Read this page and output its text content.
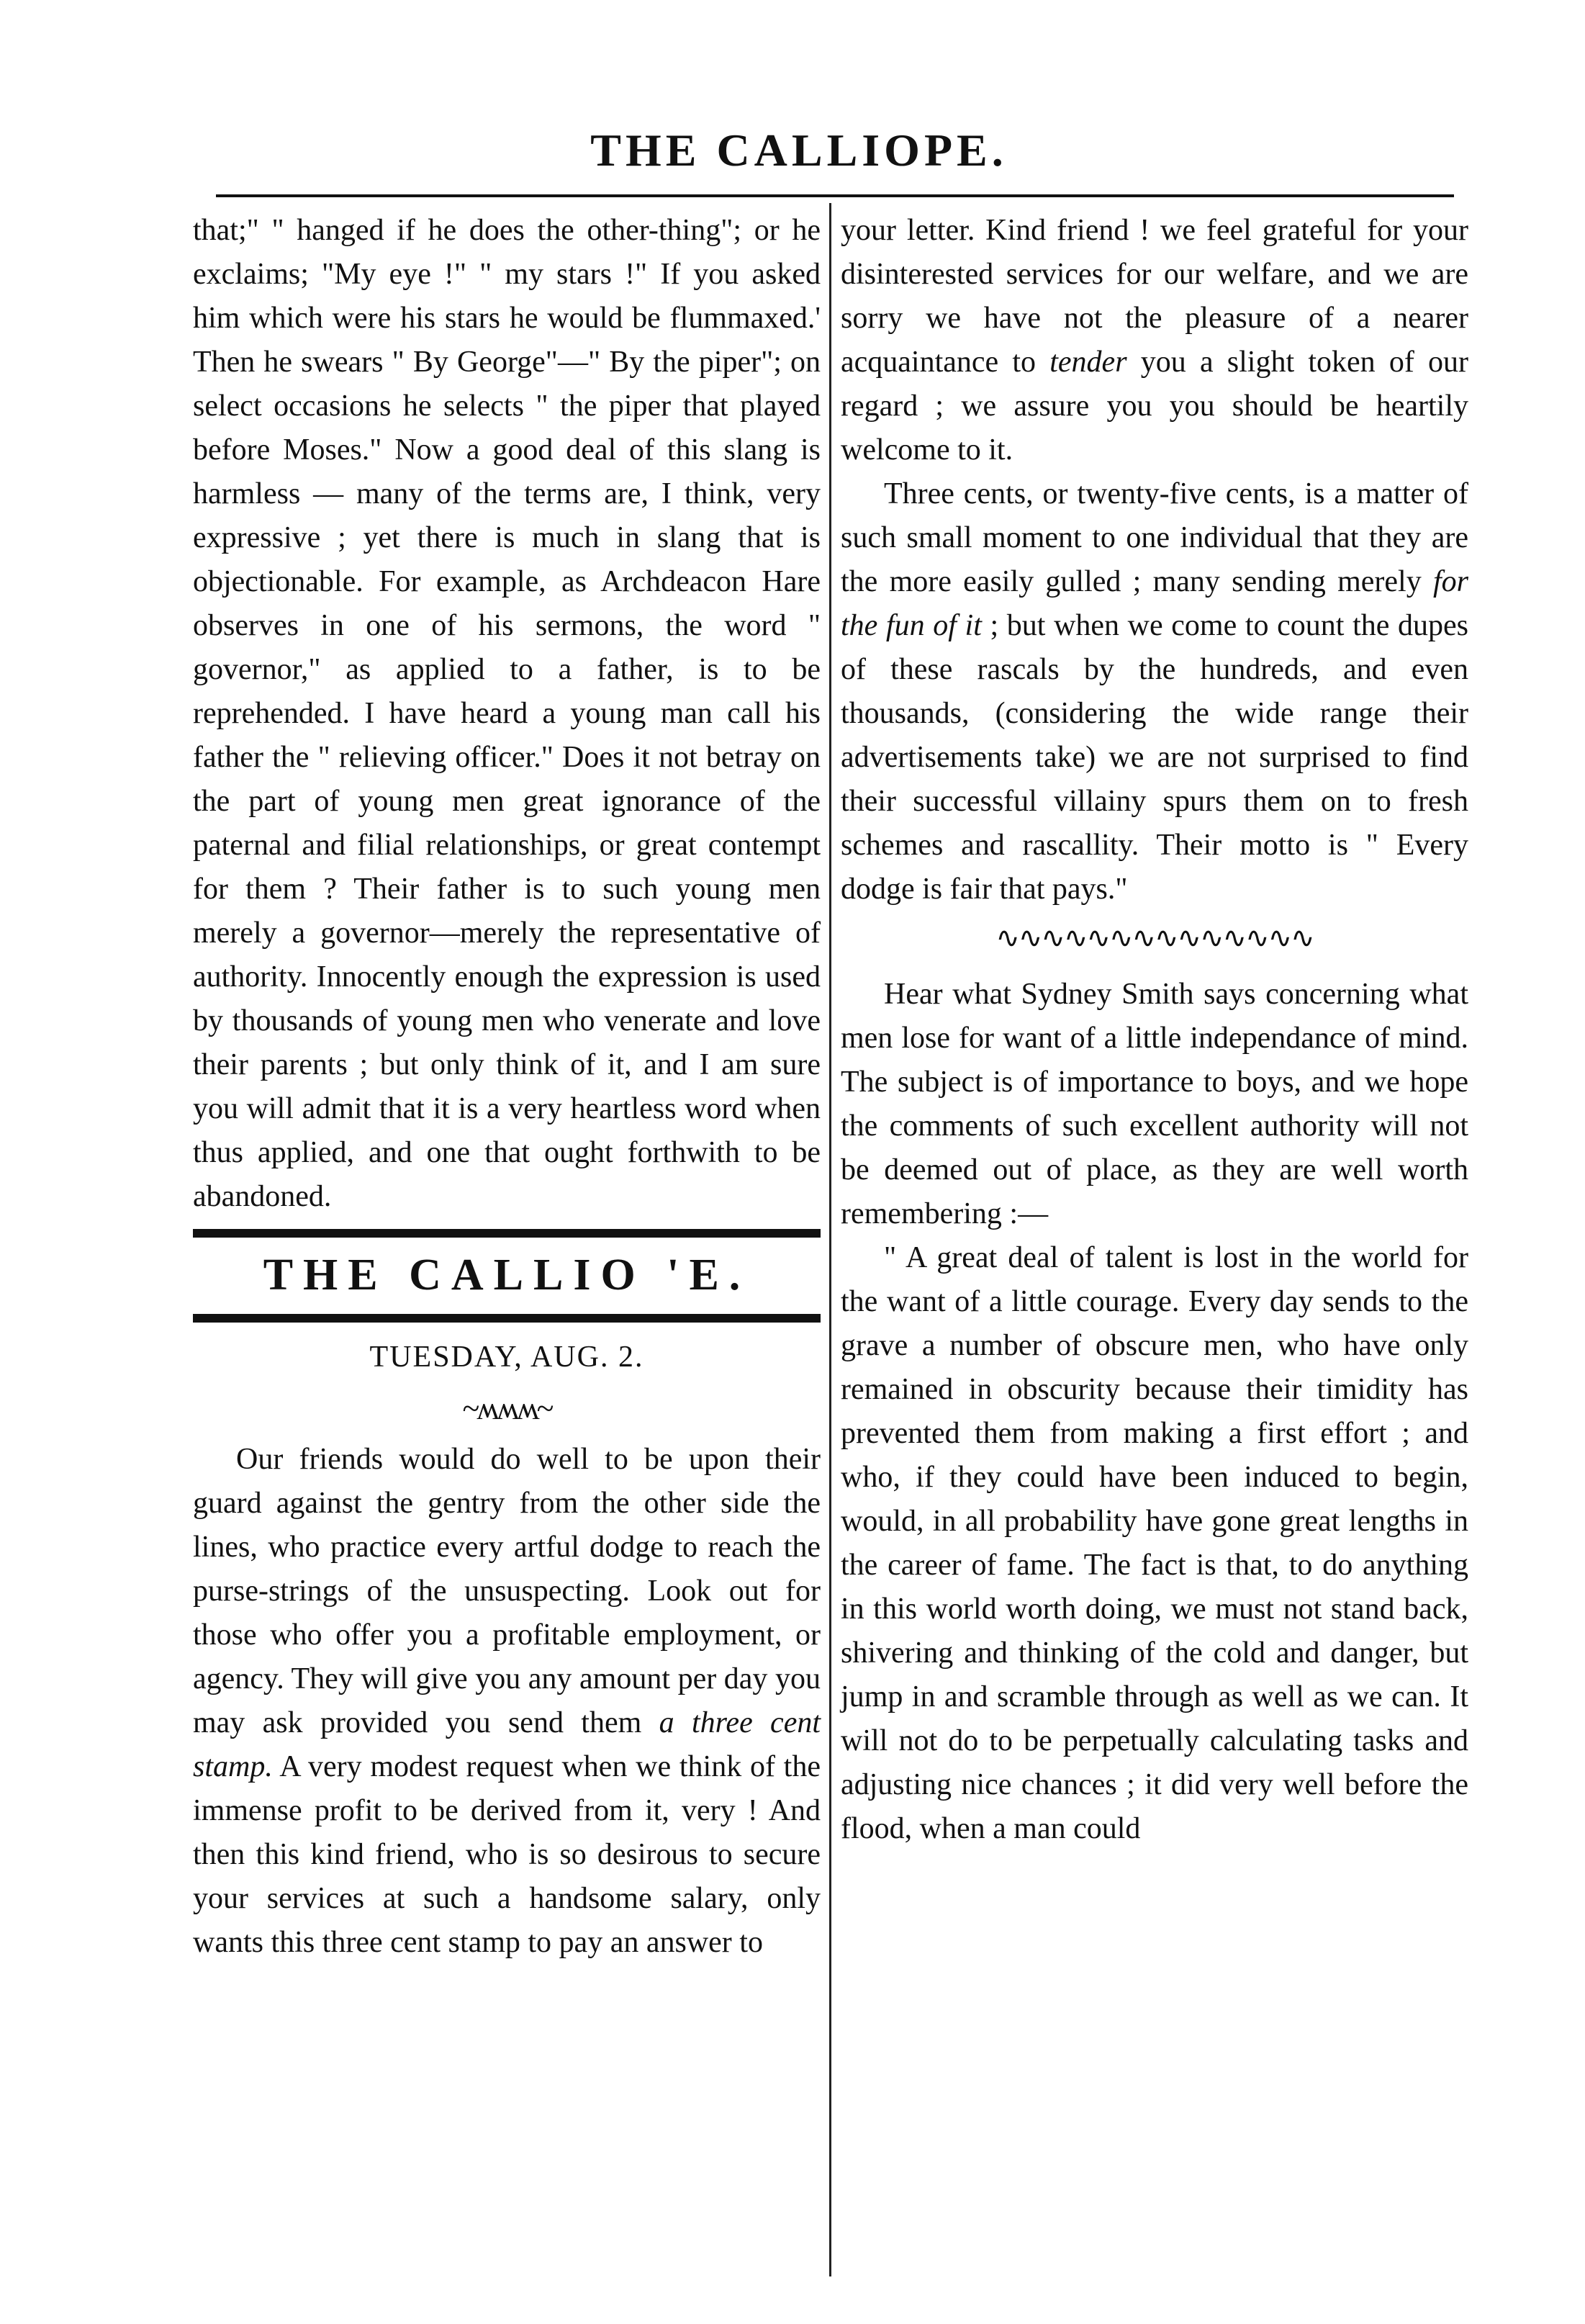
THE CALLIOPE.

that;" " hanged if he does the other-thing"; or he exclaims; "My eye !" " my stars !" If you asked him which were his stars he would be flummaxed.' Then he swears " By George"—" By the piper"; on select occasions he selects " the piper that played before Moses." Now a good deal of this slang is harmless — many of the terms are, I think, very expressive ; yet there is much in slang that is objectionable. For example, as Archdeacon Hare observes in one of his sermons, the word " governor," as applied to a father, is to be reprehended. I have heard a young man call his father the " relieving officer." Does it not betray on the part of young men great ignorance of the paternal and filial relationships, or great contempt for them ? Their father is to such young men merely a governor—merely the representative of authority. Innocently enough the expression is used by thousands of young men who venerate and love their parents ; but only think of it, and I am sure you will admit that it is a very heartless word when thus applied, and one that ought forthwith to be abandoned.

THE CALLIO 'E.
TUESDAY, AUG. 2.
~ʍʍʍ~

Our friends would do well to be upon their guard against the gentry from the other side the lines, who practice every artful dodge to reach the purse-strings of the unsuspecting. Look out for those who offer you a profitable employment, or agency. They will give you any amount per day you may ask provided you send them a three cent stamp. A very modest request when we think of the immense profit to be derived from it, very ! And then this kind friend, who is so desirous to secure your services at such a handsome salary, only wants this three cent stamp to pay an answer to

your letter. Kind friend ! we feel grateful for your disinterested services for our welfare, and we are sorry we have not the pleasure of a nearer acquaintance to tender you a slight token of our regard ; we assure you you should be heartily welcome to it.

Three cents, or twenty-five cents, is a matter of such small moment to one individual that they are the more easily gulled ; many sending merely for the fun of it ; but when we come to count the dupes of these rascals by the hundreds, and even thousands, (considering the wide range their advertisements take) we are not surprised to find their successful villainy spurs them on to fresh schemes and rascallity. Their motto is " Every dodge is fair that pays."

∿∿∿∿∿∿∿∿∿∿∿∿∿∿

Hear what Sydney Smith says concerning what men lose for want of a little independance of mind. The subject is of importance to boys, and we hope the comments of such excellent authority will not be deemed out of place, as they are well worth remembering :—

" A great deal of talent is lost in the world for the want of a little courage. Every day sends to the grave a number of obscure men, who have only remained in obscurity because their timidity has prevented them from making a first effort ; and who, if they could have been induced to begin, would, in all probability have gone great lengths in the career of fame. The fact is that, to do anything in this world worth doing, we must not stand back, shivering and thinking of the cold and danger, but jump in and scramble through as well as we can. It will not do to be perpetually calculating tasks and adjusting nice chances ; it did very well before the flood, when a man could
